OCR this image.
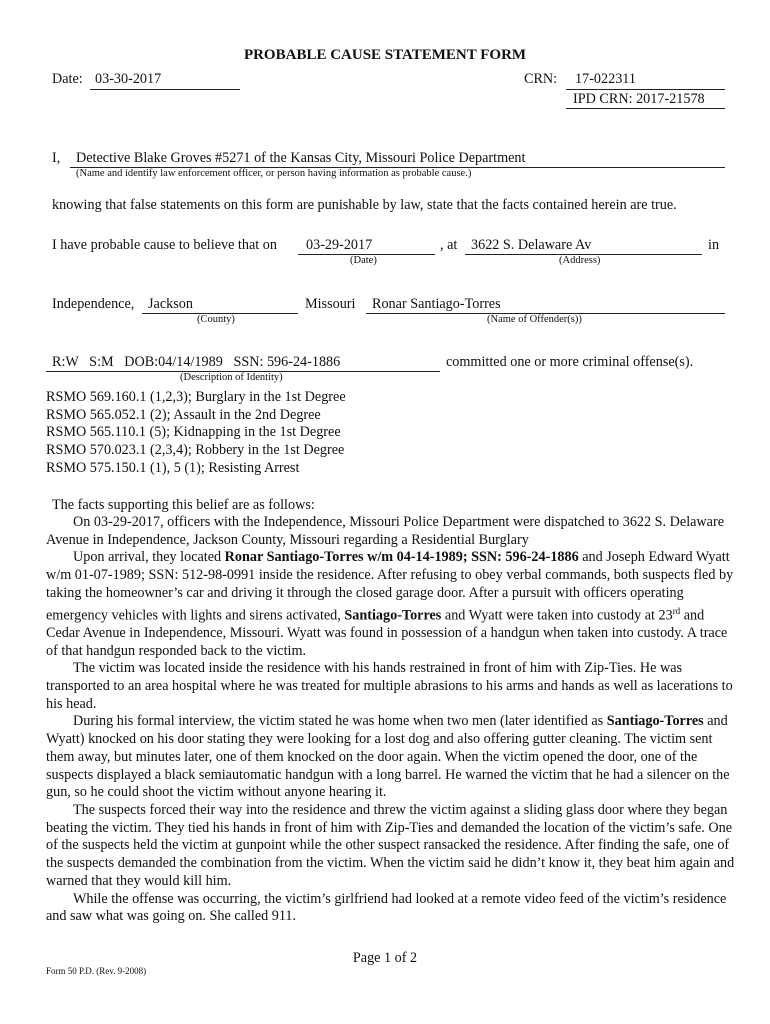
PROBABLE CAUSE STATEMENT FORM
Date: 03-30-2017	CRN: 17-022311
IPD CRN: 2017-21578
I, Detective Blake Groves #5271 of the Kansas City, Missouri Police Department
(Name and identify law enforcement officer, or person having information as probable cause.)
knowing that false statements on this form are punishable by law, state that the facts contained herein are true.
I have probable cause to believe that on 03-29-2017
(Date)
, at 3622 S. Delaware Av
(Address)
in
Independence, Jackson
(County)
Missouri Ronar Santiago-Torres
(Name of Offender(s))
R:W   S:M   DOB:04/14/1989   SSN: 596-24-1886	committed one or more criminal offense(s).
(Description of Identity)
RSMO 569.160.1 (1,2,3); Burglary in the 1st Degree
RSMO 565.052.1 (2); Assault in the 2nd Degree
RSMO 565.110.1 (5); Kidnapping in the 1st Degree
RSMO 570.023.1 (2,3,4); Robbery in the 1st Degree
RSMO 575.150.1 (1), 5 (1); Resisting Arrest
The facts supporting this belief are as follows:

On 03-29-2017, officers with the Independence, Missouri Police Department were dispatched to 3622 S. Delaware Avenue in Independence, Jackson County, Missouri regarding a Residential Burglary

Upon arrival, they located Ronar Santiago-Torres w/m 04-14-1989; SSN: 596-24-1886 and Joseph Edward Wyatt w/m 01-07-1989; SSN: 512-98-0991 inside the residence. After refusing to obey verbal commands, both suspects fled by taking the homeowner’s car and driving it through the closed garage door. After a pursuit with officers operating emergency vehicles with lights and sirens activated, Santiago-Torres and Wyatt were taken into custody at 23rd and Cedar Avenue in Independence, Missouri. Wyatt was found in possession of a handgun when taken into custody. A trace of that handgun responded back to the victim.

The victim was located inside the residence with his hands restrained in front of him with Zip-Ties. He was transported to an area hospital where he was treated for multiple abrasions to his arms and hands as well as lacerations to his head.

During his formal interview, the victim stated he was home when two men (later identified as Santiago-Torres and Wyatt) knocked on his door stating they were looking for a lost dog and also offering gutter cleaning. The victim sent them away, but minutes later, one of them knocked on the door again. When the victim opened the door, one of the suspects displayed a black semiautomatic handgun with a long barrel. He warned the victim that he had a silencer on the gun, so he could shoot the victim without anyone hearing it.

The suspects forced their way into the residence and threw the victim against a sliding glass door where they began beating the victim. They tied his hands in front of him with Zip-Ties and demanded the location of the victim’s safe. One of the suspects held the victim at gunpoint while the other suspect ransacked the residence. After finding the safe, one of the suspects demanded the combination from the victim. When the victim said he didn’t know it, they beat him again and warned that they would kill him.

While the offense was occurring, the victim’s girlfriend had looked at a remote video feed of the victim’s residence and saw what was going on. She called 911.

Page 1 of 2
Form 50 P.D. (Rev. 9-2008)
